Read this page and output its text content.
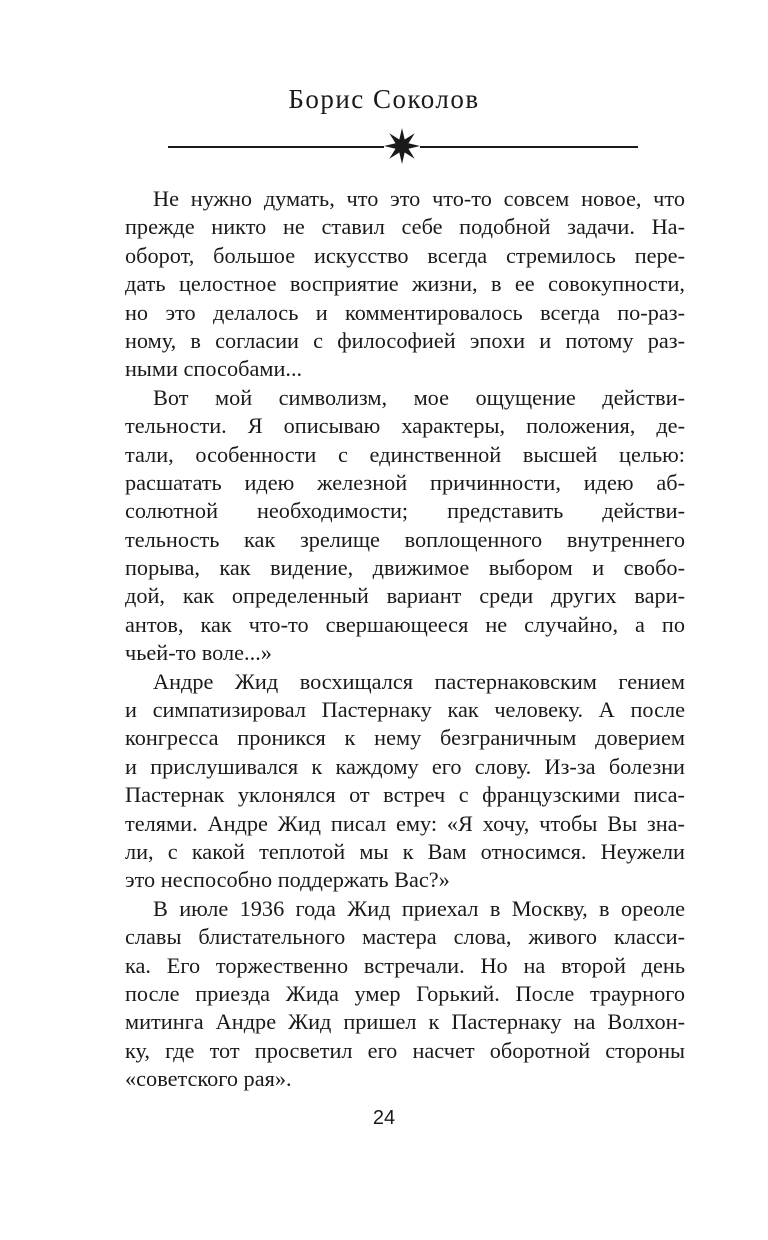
Борис Соколов
Не нужно думать, что это что-то совсем новое, что
прежде никто не ставил себе подобной задачи. На-
оборот, большое искусство всегда стремилось пере-
дать целостное восприятие жизни, в ее совокупности,
но это делалось и комментировалось всегда по-раз-
ному, в согласии с философией эпохи и потому раз-
ными способами...
Вот мой символизм, мое ощущение действи-
тельности. Я описываю характеры, положения, де-
тали, особенности с единственной высшей целью:
расшатать идею железной причинности, идею аб-
солютной необходимости; представить действи-
тельность как зрелище воплощенного внутреннего
порыва, как видение, движимое выбором и свобо-
дой, как определенный вариант среди других вари-
антов, как что-то свершающееся не случайно, а по
чьей-то воле...»
Андре Жид восхищался пастернаковским гением
и симпатизировал Пастернаку как человеку. А после
конгресса проникся к нему безграничным доверием
и прислушивался к каждому его слову. Из-за болезни
Пастернак уклонялся от встреч с французскими писа-
телями. Андре Жид писал ему: «Я хочу, чтобы Вы зна-
ли, с какой теплотой мы к Вам относимся. Неужели
это неспособно поддержать Вас?»
В июле 1936 года Жид приехал в Москву, в ореоле
славы блистательного мастера слова, живого класси-
ка. Его торжественно встречали. Но на второй день
после приезда Жида умер Горький. После траурного
митинга Андре Жид пришел к Пастернаку на Волхон-
ку, где тот просветил его насчет оборотной стороны
«советского рая».
24
